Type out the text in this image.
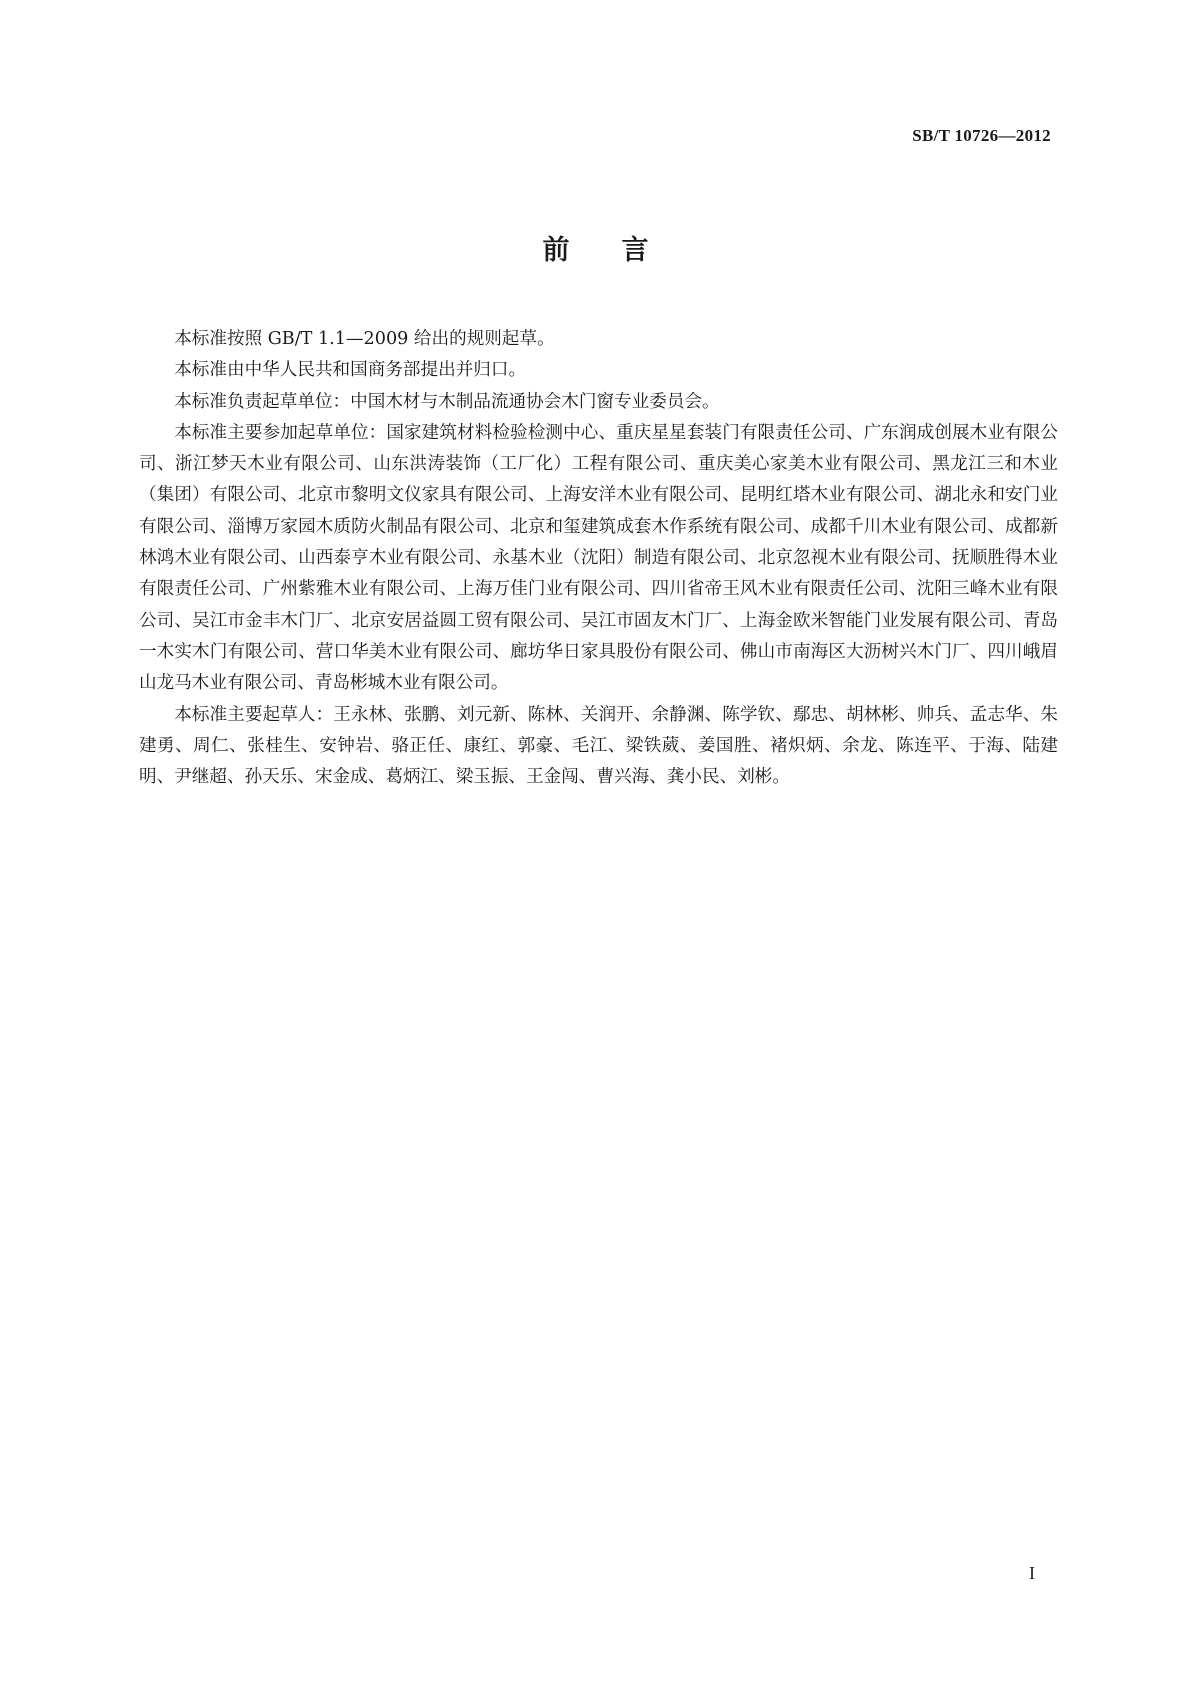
SB/T 10726—2012
前言

本标准按照 GB/T 1.1—2009 给出的规则起草。

本标准由中华人民共和国商务部提出并归口。

本标准负责起草单位：中国木材与木制品流通协会木门窗专业委员会。

本标准主要参加起草单位：国家建筑材料检验检测中心、重庆星星套装门有限责任公司、广东润成创展木业有限公司、浙江梦天木业有限公司、山东洪涛装饰（工厂化）工程有限公司、重庆美心家美木业有限公司、黑龙江三和木业（集团）有限公司、北京市黎明文仪家具有限公司、上海安洋木业有限公司、昆明红塔木业有限公司、湖北永和安门业有限公司、淄博万家园木质防火制品有限公司、北京和玺建筑成套木作系统有限公司、成都千川木业有限公司、成都新林鸿木业有限公司、山西泰亨木业有限公司、永基木业（沈阳）制造有限公司、北京忽视木业有限公司、抚顺胜得木业有限责任公司、广州紫雅木业有限公司、上海万佳门业有限公司、四川省帝王风木业有限责任公司、沈阳三峰木业有限公司、吴江市金丰木门厂、北京安居益圆工贸有限公司、吴江市固友木门厂、上海金欧米智能门业发展有限公司、青岛一木实木门有限公司、营口华美木业有限公司、廊坊华日家具股份有限公司、佛山市南海区大沥树兴木门厂、四川峨眉山龙马木业有限公司、青岛彬城木业有限公司。

本标准主要起草人：王永林、张鹏、刘元新、陈林、关润开、余静渊、陈学钦、鄢忠、胡林彬、帅兵、孟志华、朱建勇、周仁、张桂生、安钟岩、骆正任、康红、郭豪、毛江、梁铁葳、姜国胜、褚炽炳、余龙、陈连平、于海、陆建明、尹继超、孙天乐、宋金成、葛炳江、梁玉振、王金闯、曹兴海、龚小民、刘彬。

I
